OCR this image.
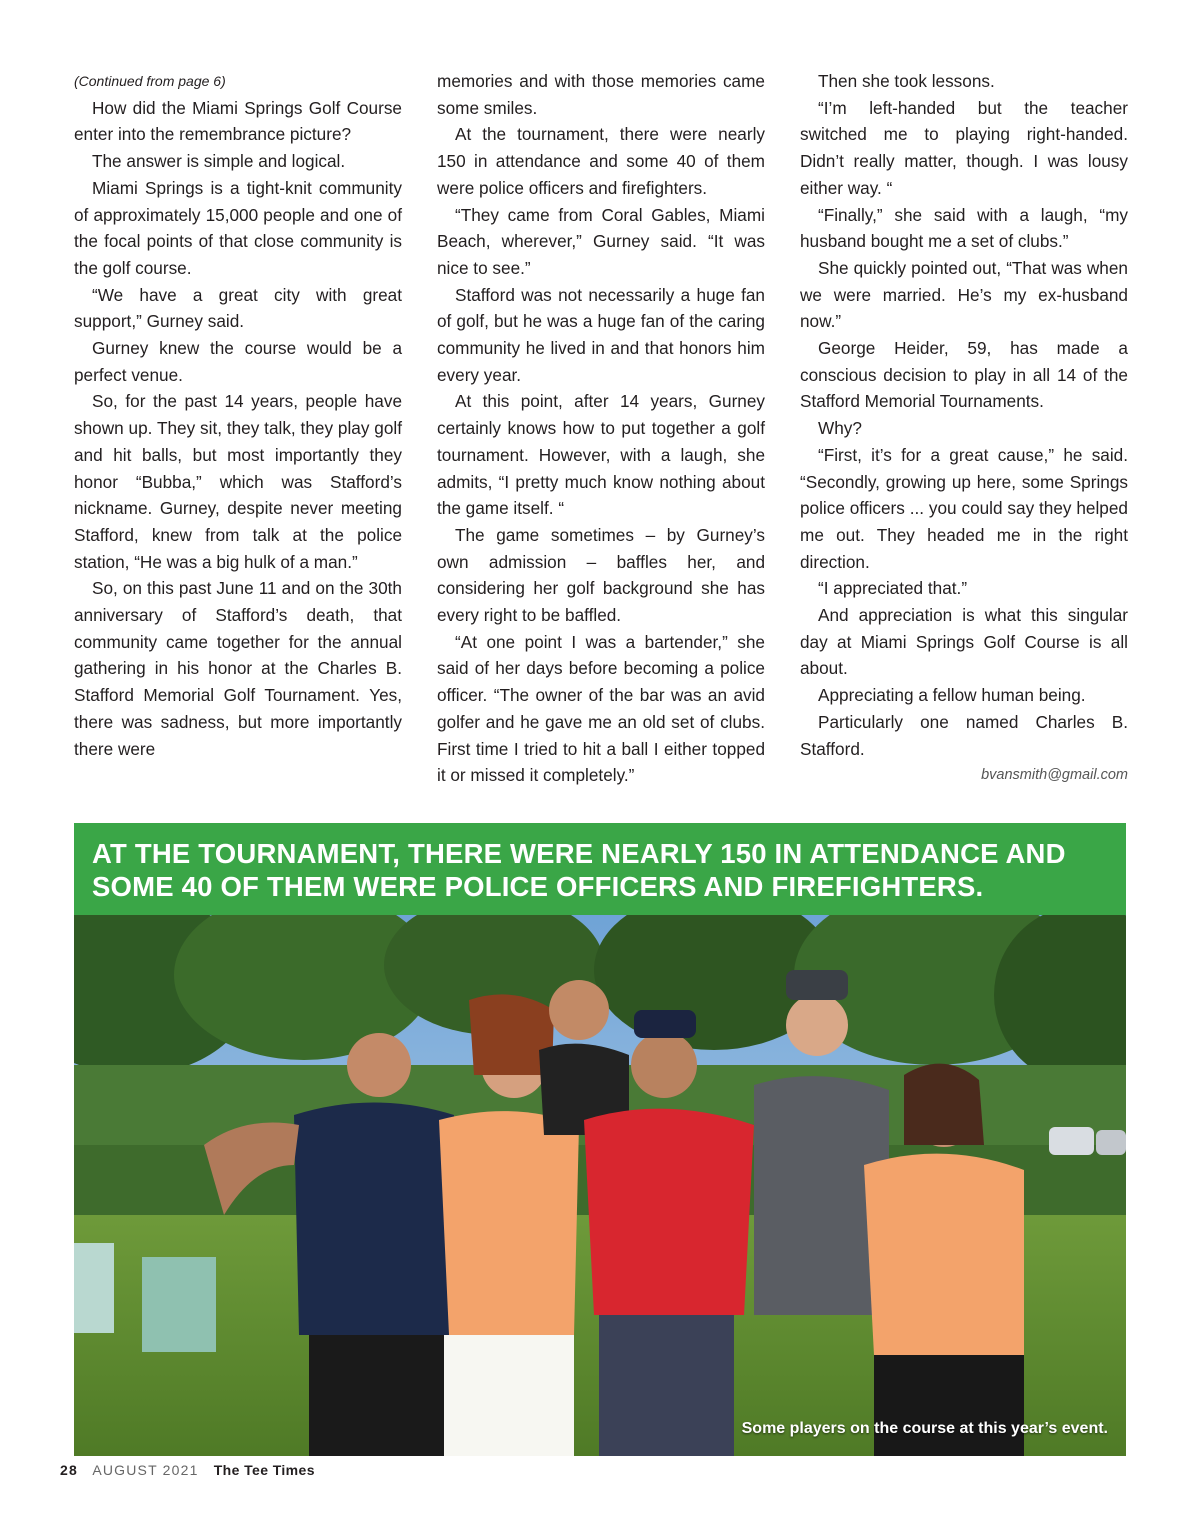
(Continued from page 6)

How did the Miami Springs Golf Course enter into the remembrance picture?

The answer is simple and logical.

Miami Springs is a tight-knit community of approximately 15,000 people and one of the focal points of that close community is the golf course.

“We have a great city with great support,” Gurney said.

Gurney knew the course would be a perfect venue.

So, for the past 14 years, people have shown up. They sit, they talk, they play golf and hit balls, but most importantly they honor “Bubba,” which was Stafford’s nickname. Gurney, despite never meeting Stafford, knew from talk at the police station, “He was a big hulk of a man.”

So, on this past June 11 and on the 30th anniversary of Stafford’s death, that community came together for the annual gathering in his honor at the Charles B. Stafford Memorial Golf Tournament. Yes, there was sadness, but more importantly there were

memories and with those memories came some smiles.

At the tournament, there were nearly 150 in attendance and some 40 of them were police officers and firefighters.

“They came from Coral Gables, Miami Beach, wherever,” Gurney said. “It was nice to see.”

Stafford was not necessarily a huge fan of golf, but he was a huge fan of the caring community he lived in and that honors him every year.

At this point, after 14 years, Gurney certainly knows how to put together a golf tournament. However, with a laugh, she admits, “I pretty much know nothing about the game itself. “

The game sometimes – by Gurney’s own admission – baffles her, and considering her golf background she has every right to be baffled.

“At one point I was a bartender,” she said of her days before becoming a police officer. “The owner of the bar was an avid golfer and he gave me an old set of clubs. First time I tried to hit a ball I either topped it or missed it completely.”

Then she took lessons.

“I’m left-handed but the teacher switched me to playing right-handed. Didn’t really matter, though. I was lousy either way. “

“Finally,” she said with a laugh, “my husband bought me a set of clubs.”

She quickly pointed out, “That was when we were married. He’s my ex-husband now.”

George Heider, 59, has made a conscious decision to play in all 14 of the Stafford Memorial Tournaments.

Why?

“First, it’s for a great cause,” he said. “Secondly, growing up here, some Springs police officers ... you could say they helped me out. They headed me in the right direction.

“I appreciated that.”

And appreciation is what this singular day at Miami Springs Golf Course is all about.

Appreciating a fellow human being.

Particularly one named Charles B. Stafford.

bvansmith@gmail.com

AT THE TOURNAMENT, THERE WERE NEARLY 150 IN ATTENDANCE AND SOME 40 OF THEM WERE POLICE OFFICERS AND FIREFIGHTERS.
Some players on the course at this year’s event.
28 AUGUST 2021 The Tee Times
